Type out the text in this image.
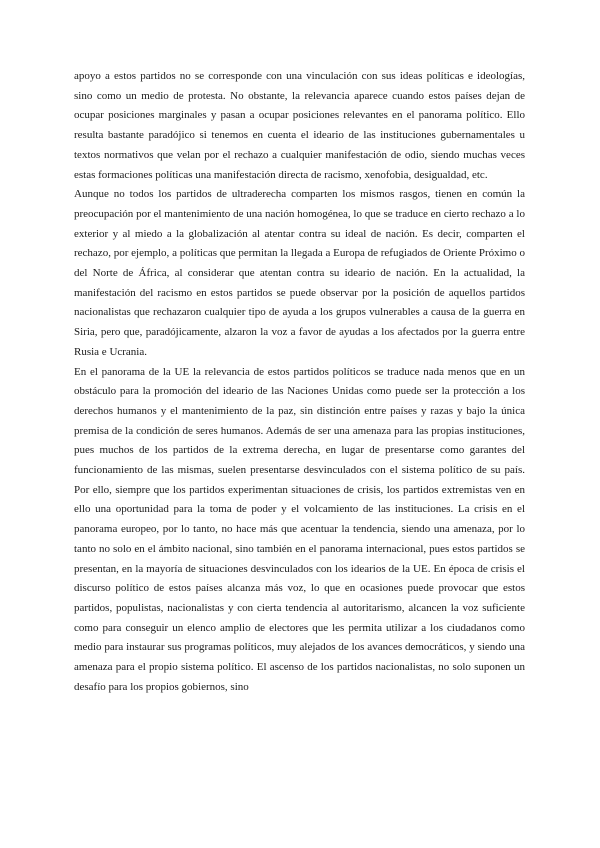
apoyo a estos partidos no se corresponde con una vinculación con sus ideas políticas e ideologías, sino como un medio de protesta. No obstante, la relevancia aparece cuando estos países dejan de ocupar posiciones marginales y pasan a ocupar posiciones relevantes en el panorama político. Ello resulta bastante paradójico si tenemos en cuenta el ideario de las instituciones gubernamentales u textos normativos que velan por el rechazo a cualquier manifestación de odio, siendo muchas veces estas formaciones políticas una manifestación directa de racismo, xenofobia, desigualdad, etc.

Aunque no todos los partidos de ultraderecha comparten los mismos rasgos, tienen en común la preocupación por el mantenimiento de una nación homogénea, lo que se traduce en cierto rechazo a lo exterior y al miedo a la globalización al atentar contra su ideal de nación. Es decir, comparten el rechazo, por ejemplo, a políticas que permitan la llegada a Europa de refugiados de Oriente Próximo o del Norte de África, al considerar que atentan contra su ideario de nación. En la actualidad, la manifestación del racismo en estos partidos se puede observar por la posición de aquellos partidos nacionalistas que rechazaron cualquier tipo de ayuda a los grupos vulnerables a causa de la guerra en Siria, pero que, paradójicamente, alzaron la voz a favor de ayudas a los afectados por la guerra entre Rusia e Ucrania.

En el panorama de la UE la relevancia de estos partidos políticos se traduce nada menos que en un obstáculo para la promoción del ideario de las Naciones Unidas como puede ser la protección a los derechos humanos y el mantenimiento de la paz, sin distinción entre países y razas y bajo la única premisa de la condición de seres humanos. Además de ser una amenaza para las propias instituciones, pues muchos de los partidos de la extrema derecha, en lugar de presentarse como garantes del funcionamiento de las mismas, suelen presentarse desvinculados con el sistema político de su país. Por ello, siempre que los partidos experimentan situaciones de crisis, los partidos extremistas ven en ello una oportunidad para la toma de poder y el volcamiento de las instituciones. La crisis en el panorama europeo, por lo tanto, no hace más que acentuar la tendencia, siendo una amenaza, por lo tanto no solo en el ámbito nacional, sino también en el panorama internacional, pues estos partidos se presentan, en la mayoría de situaciones desvinculados con los idearios de la UE. En época de crisis el discurso político de estos países alcanza más voz, lo que en ocasiones puede provocar que estos partidos, populistas, nacionalistas y con cierta tendencia al autoritarismo, alcancen la voz suficiente como para conseguir un elenco amplio de electores que les permita utilizar a los ciudadanos como medio para instaurar sus programas políticos, muy alejados de los avances democráticos, y siendo una amenaza para el propio sistema político. El ascenso de los partidos nacionalistas, no solo suponen un desafío para los propios gobiernos, sino
